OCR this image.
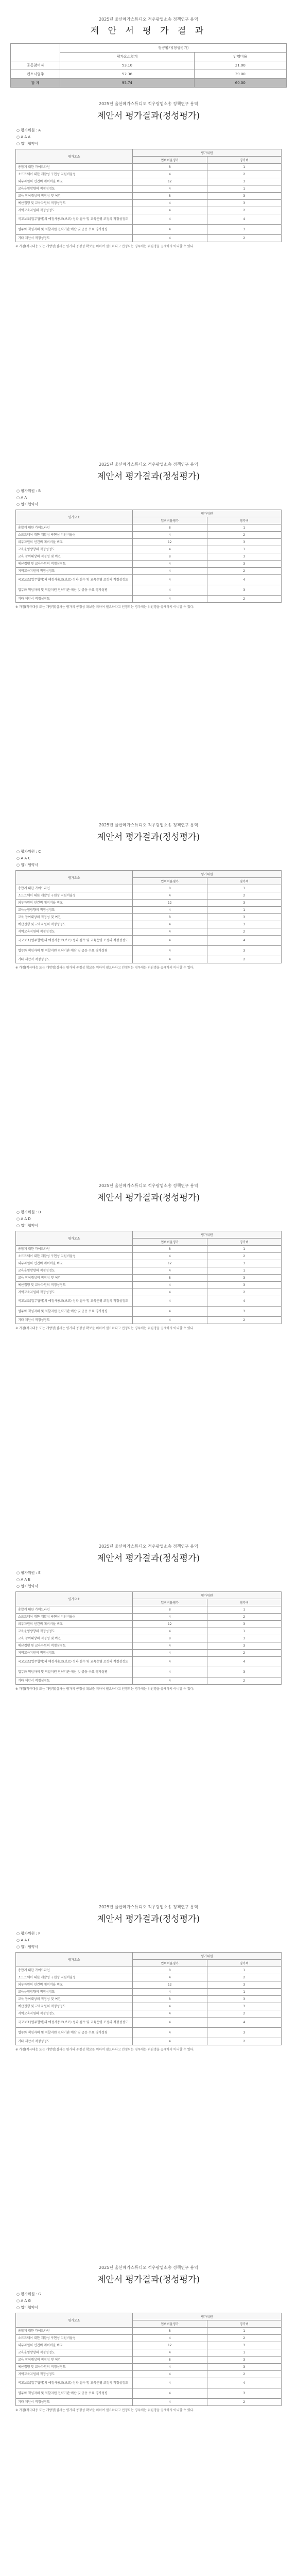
2025년 울산메가스튜디오 적우광업소송 정책연구 용역
제 안 서 평 가 결 과
	정량평가(정성평가)	
	평가요소합계	반영비율
공동참여자	53.10	21.00
컨소시엄주	52.36	39.00
합 계	95.74	60.00
2025년 울산메가스튜디오 적우광업소송 정책연구 용역
제안서 평가결과(정성평가)
○ 평가위원 : A
○ A A A
○ 업비협약서
평가요소	평가위원	
	업비비율평가	평가비
총합계 대한 가이드라인	8	1
소프트웨어 대한 개발성 구현성 지원비율성	4	2
외부자원의 인건비 예비비율 비교	12	3
교육운영방향의 적정성정도	4	1
교육 참여대상의 적정성 및 여건	8	3
예산집행 및 교육자원의 적정성정도	4	3
지역교육지원의 적정성정도	4	2
국고보조(업무협약)의 예정사용료(보조) 성과 점수 및 교육운영 조정의 적정성정도	4	4
업무와 책임자의 및 역할지원 전략기관 예산 및 공동 수요 평가성평	4	3
기타 제안서 적정성정도	4	2
※ 가점(적극대응 또는 개방형)심사는 평가의 공정성 확보를 위하여 필요하다고 인정되는 경우에는 위원명을 공개하지 아니할 수 있다.
2025년 울산메가스튜디오 적우광업소송 정책연구 용역
제안서 평가결과(정성평가)
○ 평가위원 : B
○ A A
○ 업비협약서
평가요소	평가위원	
	업비비율평가	평가비
총합계 대한 가이드라인	8	1
소프트웨어 대한 개발성 구현성 지원비율성	4	2
외부자원의 인건비 예비비율 비교	12	3
교육운영방향의 적정성정도	4	1
교육 참여대상의 적정성 및 여건	8	3
예산집행 및 교육자원의 적정성정도	4	3
지역교육지원의 적정성정도	4	2
국고보조(업무협약)의 예정사용료(보조) 성과 점수 및 교육운영 조정의 적정성정도	4	4
업무와 책임자의 및 역할지원 전략기관 예산 및 공동 수요 평가성평	4	3
기타 제안서 적정성정도	4	2
※ 가점(적극대응 또는 개방형)심사는 평가의 공정성 확보를 위하여 필요하다고 인정되는 경우에는 위원명을 공개하지 아니할 수 있다.
2025년 울산메가스튜디오 적우광업소송 정책연구 용역
제안서 평가결과(정성평가)
○ 평가위원 : C
○ A A C
○ 업비협약서
평가요소	평가위원	
	업비비율평가	평가비
총합계 대한 가이드라인	8	1
소프트웨어 대한 개발성 구현성 지원비율성	4	2
외부자원의 인건비 예비비율 비교	12	3
교육운영방향의 적정성정도	4	1
교육 참여대상의 적정성 및 여건	8	3
예산집행 및 교육자원의 적정성정도	4	3
지역교육지원의 적정성정도	4	2
국고보조(업무협약)의 예정사용료(보조) 성과 점수 및 교육운영 조정의 적정성정도	4	4
업무와 책임자의 및 역할지원 전략기관 예산 및 공동 수요 평가성평	4	3
기타 제안서 적정성정도	4	2
※ 가점(적극대응 또는 개방형)심사는 평가의 공정성 확보를 위하여 필요하다고 인정되는 경우에는 위원명을 공개하지 아니할 수 있다.
2025년 울산메가스튜디오 적우광업소송 정책연구 용역
제안서 평가결과(정성평가)
○ 평가위원 : D
○ A A D
○ 업비협약서
평가요소	평가위원	
	업비비율평가	평가비
총합계 대한 가이드라인	8	1
소프트웨어 대한 개발성 구현성 지원비율성	4	2
외부자원의 인건비 예비비율 비교	12	3
교육운영방향의 적정성정도	4	1
교육 참여대상의 적정성 및 여건	8	3
예산집행 및 교육자원의 적정성정도	4	3
지역교육지원의 적정성정도	4	2
국고보조(업무협약)의 예정사용료(보조) 성과 점수 및 교육운영 조정의 적정성정도	4	4
업무와 책임자의 및 역할지원 전략기관 예산 및 공동 수요 평가성평	4	3
기타 제안서 적정성정도	4	2
※ 가점(적극대응 또는 개방형)심사는 평가의 공정성 확보를 위하여 필요하다고 인정되는 경우에는 위원명을 공개하지 아니할 수 있다.
2025년 울산메가스튜디오 적우광업소송 정책연구 용역
제안서 평가결과(정성평가)
○ 평가위원 : E
○ A A E
○ 업비협약서
평가요소	평가위원	
	업비비율평가	평가비
총합계 대한 가이드라인	8	1
소프트웨어 대한 개발성 구현성 지원비율성	4	2
외부자원의 인건비 예비비율 비교	12	3
교육운영방향의 적정성정도	4	1
교육 참여대상의 적정성 및 여건	8	3
예산집행 및 교육자원의 적정성정도	4	3
지역교육지원의 적정성정도	4	2
국고보조(업무협약)의 예정사용료(보조) 성과 점수 및 교육운영 조정의 적정성정도	4	4
업무와 책임자의 및 역할지원 전략기관 예산 및 공동 수요 평가성평	4	3
기타 제안서 적정성정도	4	2
※ 가점(적극대응 또는 개방형)심사는 평가의 공정성 확보를 위하여 필요하다고 인정되는 경우에는 위원명을 공개하지 아니할 수 있다.
2025년 울산메가스튜디오 적우광업소송 정책연구 용역
제안서 평가결과(정성평가)
○ 평가위원 : F
○ A A F
○ 업비협약서
평가요소	평가위원	
	업비비율평가	평가비
총합계 대한 가이드라인	8	1
소프트웨어 대한 개발성 구현성 지원비율성	4	2
외부자원의 인건비 예비비율 비교	12	3
교육운영방향의 적정성정도	4	1
교육 참여대상의 적정성 및 여건	8	3
예산집행 및 교육자원의 적정성정도	4	3
지역교육지원의 적정성정도	4	2
국고보조(업무협약)의 예정사용료(보조) 성과 점수 및 교육운영 조정의 적정성정도	4	4
업무와 책임자의 및 역할지원 전략기관 예산 및 공동 수요 평가성평	4	3
기타 제안서 적정성정도	4	2
※ 가점(적극대응 또는 개방형)심사는 평가의 공정성 확보를 위하여 필요하다고 인정되는 경우에는 위원명을 공개하지 아니할 수 있다.
2025년 울산메가스튜디오 적우광업소송 정책연구 용역
제안서 평가결과(정성평가)
○ 평가위원 : G
○ A A G
○ 업비협약서
평가요소	평가위원	
	업비비율평가	평가비
총합계 대한 가이드라인	8	1
소프트웨어 대한 개발성 구현성 지원비율성	4	2
외부자원의 인건비 예비비율 비교	12	3
교육운영방향의 적정성정도	4	1
교육 참여대상의 적정성 및 여건	8	3
예산집행 및 교육자원의 적정성정도	4	3
지역교육지원의 적정성정도	4	2
국고보조(업무협약)의 예정사용료(보조) 성과 점수 및 교육운영 조정의 적정성정도	4	4
업무와 책임자의 및 역할지원 전략기관 예산 및 공동 수요 평가성평	4	3
기타 제안서 적정성정도	4	2
※ 가점(적극대응 또는 개방형)심사는 평가의 공정성 확보를 위하여 필요하다고 인정되는 경우에는 위원명을 공개하지 아니할 수 있다.
